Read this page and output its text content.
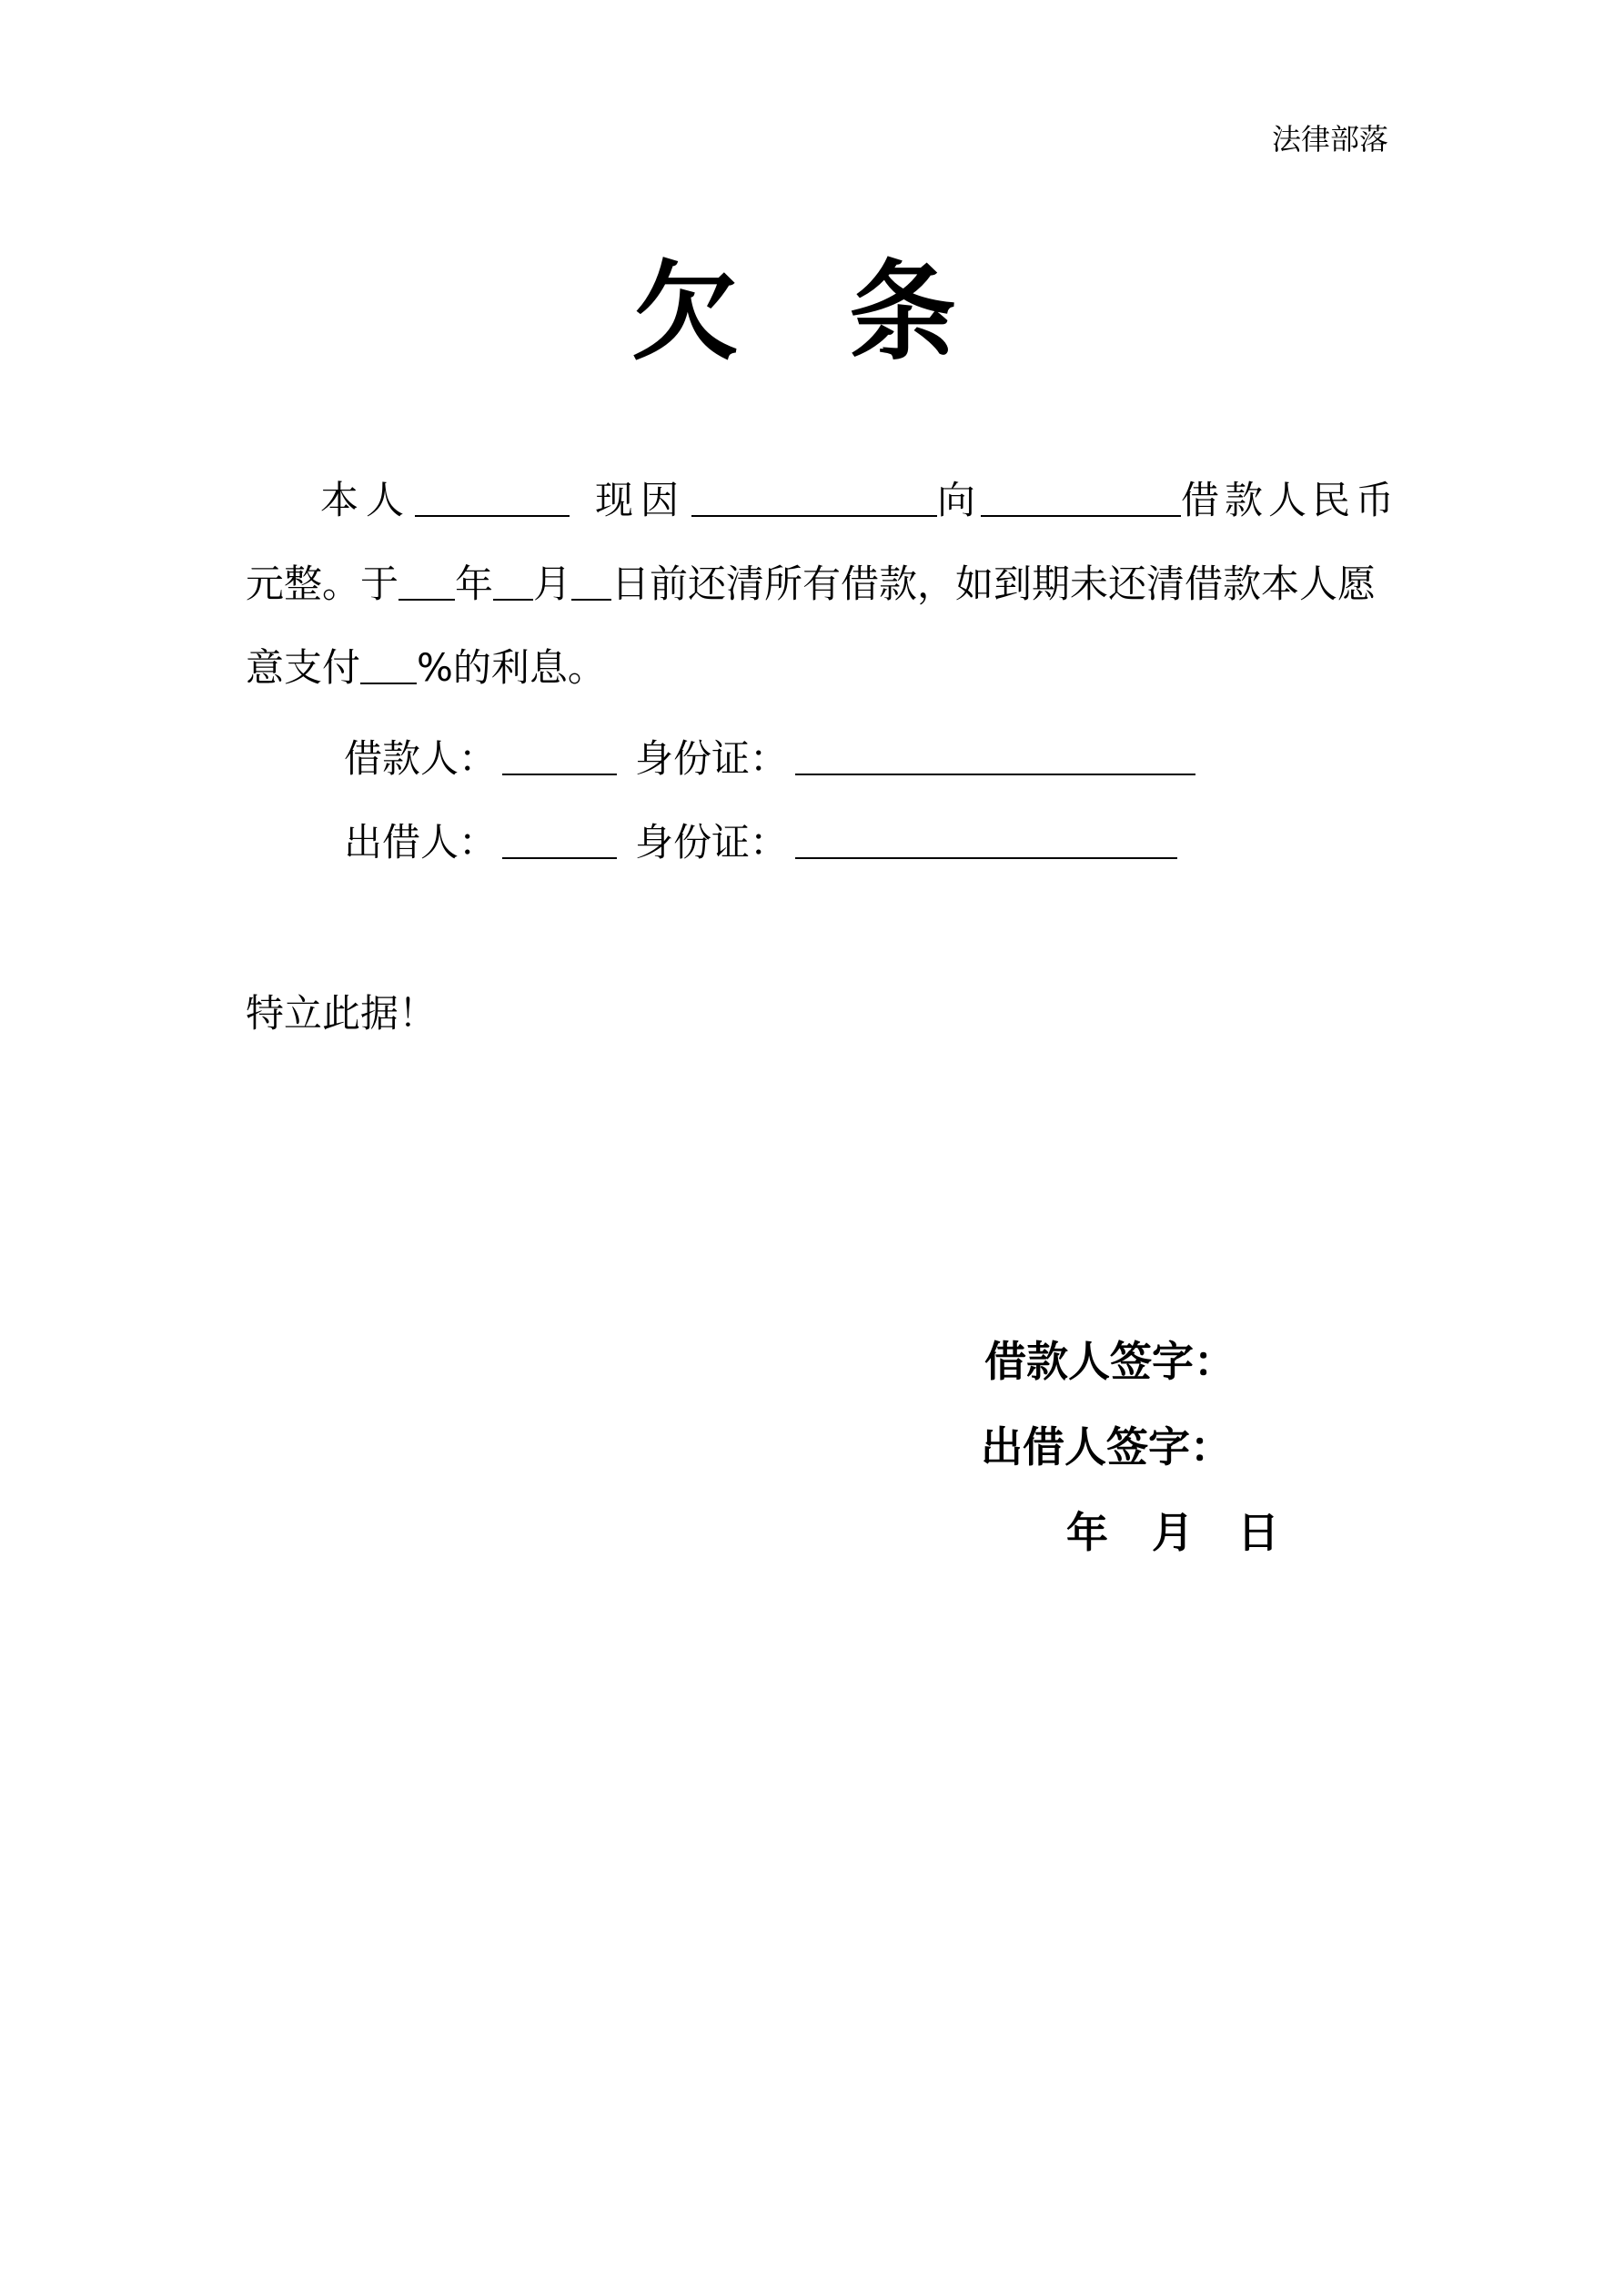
法律部落
欠 条
本人	现因	向	借款人民币
元整。于 年 月 日前还清所有借款，如到期未还清借款本人愿
意支付 %的利息。
借款人：	身份证：
出借人：	身份证：
特立此据！
借款人签字：
出借人签字：
年 月 日
